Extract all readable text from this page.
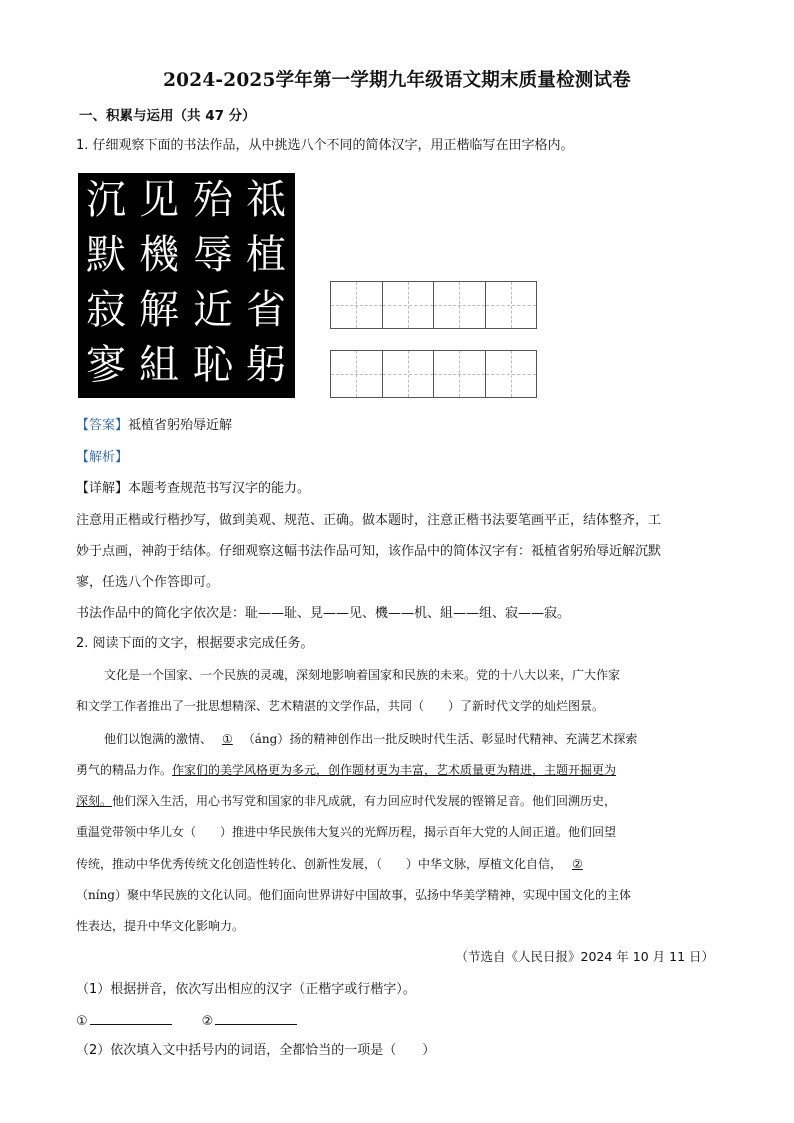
2024-2025学年第一学期九年级语文期末质量检测试卷
一、积累与运用（共 47 分）
1. 仔细观察下面的书法作品，从中挑选八个不同的简体汉字，用正楷临写在田字格内。
沉 见 殆 祗
默 機 辱 植
寂 解 近 省
寥 組 恥 躬
【答案】祗植省躬殆辱近解
【解析】
【详解】本题考查规范书写汉字的能力。
注意用正楷或行楷抄写，做到美观、规范、正确。做本题时，注意正楷书法要笔画平正，结体整齐，工
妙于点画，神韵于结体。仔细观察这幅书法作品可知，该作品中的简体汉字有：祗植省躬殆辱近解沉默
寥，任选八个作答即可。
书法作品中的简化字依次是：耻——耻、見——见、機——机、組——组、寂——寂。
2. 阅读下面的文字，根据要求完成任务。
文化是一个国家、一个民族的灵魂，深刻地影响着国家和民族的未来。党的十八大以来，广大作家
和文学工作者推出了一批思想精深、艺术精湛的文学作品，共同（　　）了新时代文学的灿烂图景。
他们以饱满的激情、 ① （áng）扬的精神创作出一批反映时代生活、彰显时代精神、充满艺术探索
勇气的精品力作。作家们的美学风格更为多元，创作题材更为丰富，艺术质量更为精进，主题开掘更为
深刻。他们深入生活，用心书写党和国家的非凡成就，有力回应时代发展的铿锵足音。他们回溯历史，
重温党带领中华儿女（　　）推进中华民族伟大复兴的光辉历程，揭示百年大党的人间正道。他们回望
传统，推动中华优秀传统文化创造性转化、创新性发展，（　　）中华文脉，厚植文化自信， ②
（níng）聚中华民族的文化认同。他们面向世界讲好中国故事，弘扬中华美学精神，实现中国文化的主体
性表达，提升中华文化影响力。
（节选自《人民日报》2024 年 10 月 11 日）
（1）根据拼音，依次写出相应的汉字（正楷字或行楷字）。
①	②
（2）依次填入文中括号内的词语，全都恰当的一项是（　　）
